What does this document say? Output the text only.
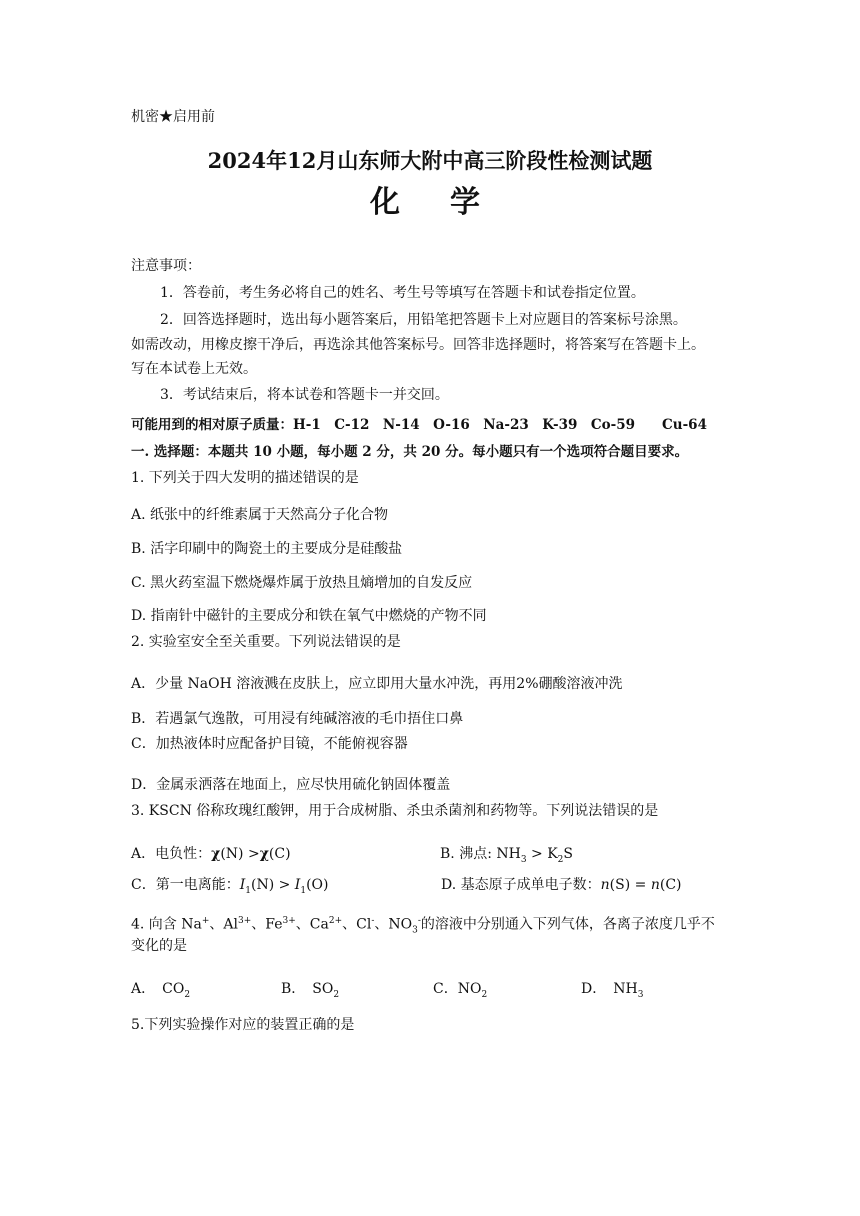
机密★启用前
2024年12月山东师大附中高三阶段性检测试题
化　学
注意事项：
1．答卷前，考生务必将自己的姓名、考生号等填写在答题卡和试卷指定位置。
2．回答选择题时，选出每小题答案后，用铅笔把答题卡上对应题目的答案标号涂黑。
如需改动，用橡皮擦干净后，再选涂其他答案标号。回答非选择题时，将答案写在答题卡上。
写在本试卷上无效。
3．考试结束后，将本试卷和答题卡一并交回。
可能用到的相对原子质量：H-1　C-12　N-14　O-16　Na-23　K-39　Co-59　　Cu-64
一. 选择题：本题共 10 小题，每小题 2 分，共 20 分。每小题只有一个选项符合题目要求。
1. 下列关于四大发明的描述错误的是
A. 纸张中的纤维素属于天然高分子化合物
B. 活字印刷中的陶瓷土的主要成分是硅酸盐
C. 黑火药室温下燃烧爆炸属于放热且熵增加的自发反应
D. 指南针中磁针的主要成分和铁在氧气中燃烧的产物不同
2. 实验室安全至关重要。下列说法错误的是
A．少量 NaOH 溶液溅在皮肤上，应立即用大量水冲洗，再用2%硼酸溶液冲洗
B．若遇氯气逸散，可用浸有纯碱溶液的毛巾捂住口鼻
C．加热液体时应配备护目镜，不能俯视容器
D．金属汞洒落在地面上，应尽快用硫化钠固体覆盖
3. KSCN 俗称玫瑰红酸钾，用于合成树脂、杀虫杀菌剂和药物等。下列说法错误的是
A．电负性：χ(N) >χ(C)	B. 沸点: $NH_3 > K_2S$
C．第一电离能：$I_1(N) > I_1(O)$	D. 基态原子成单电子数：n(S) = n(C)
4. 向含 Na+、$Al^{3+}$、$Fe^{3+}$、$Ca^{2+}$、Cl-、$NO_3^-$的溶液中分别通入下列气体，各离子浓度几乎不
变化的是
A．　$CO_2$	B．　$SO_2$	C．$NO_2$	D．　$NH_3$
5.下列实验操作对应的装置正确的是
